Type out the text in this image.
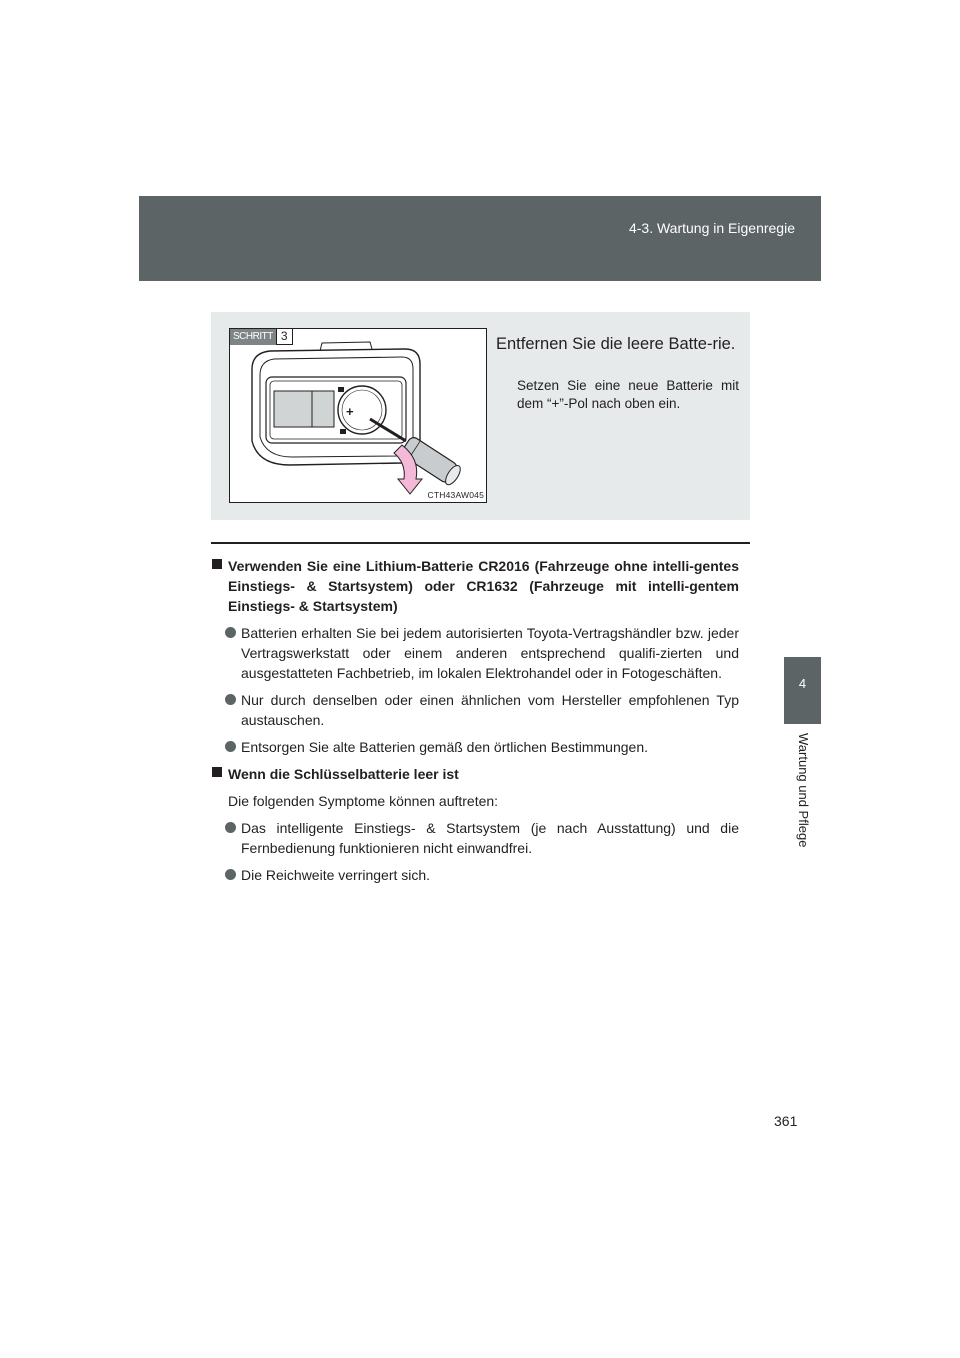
4-3. Wartung in Eigenregie
4
Wartung und Pflege
SCHRITT 3
+
CTH43AW045
Entfernen Sie die leere Batte-rie.
Setzen Sie eine neue Batterie mit dem “+”-Pol nach oben ein.
Verwenden Sie eine Lithium-Batterie CR2016 (Fahrzeuge ohne intelli-gentes Einstiegs- & Startsystem) oder CR1632 (Fahrzeuge mit intelli-gentem Einstiegs- & Startsystem)
Batterien erhalten Sie bei jedem autorisierten Toyota-Vertragshändler bzw. jeder Vertragswerkstatt oder einem anderen entsprechend qualifi-zierten und ausgestatteten Fachbetrieb, im lokalen Elektrohandel oder in Fotogeschäften.
Nur durch denselben oder einen ähnlichen vom Hersteller empfohlenen Typ austauschen.
Entsorgen Sie alte Batterien gemäß den örtlichen Bestimmungen.
Wenn die Schlüsselbatterie leer ist
Die folgenden Symptome können auftreten:
Das intelligente Einstiegs- & Startsystem (je nach Ausstattung) und die Fernbedienung funktionieren nicht einwandfrei.
Die Reichweite verringert sich.
361
